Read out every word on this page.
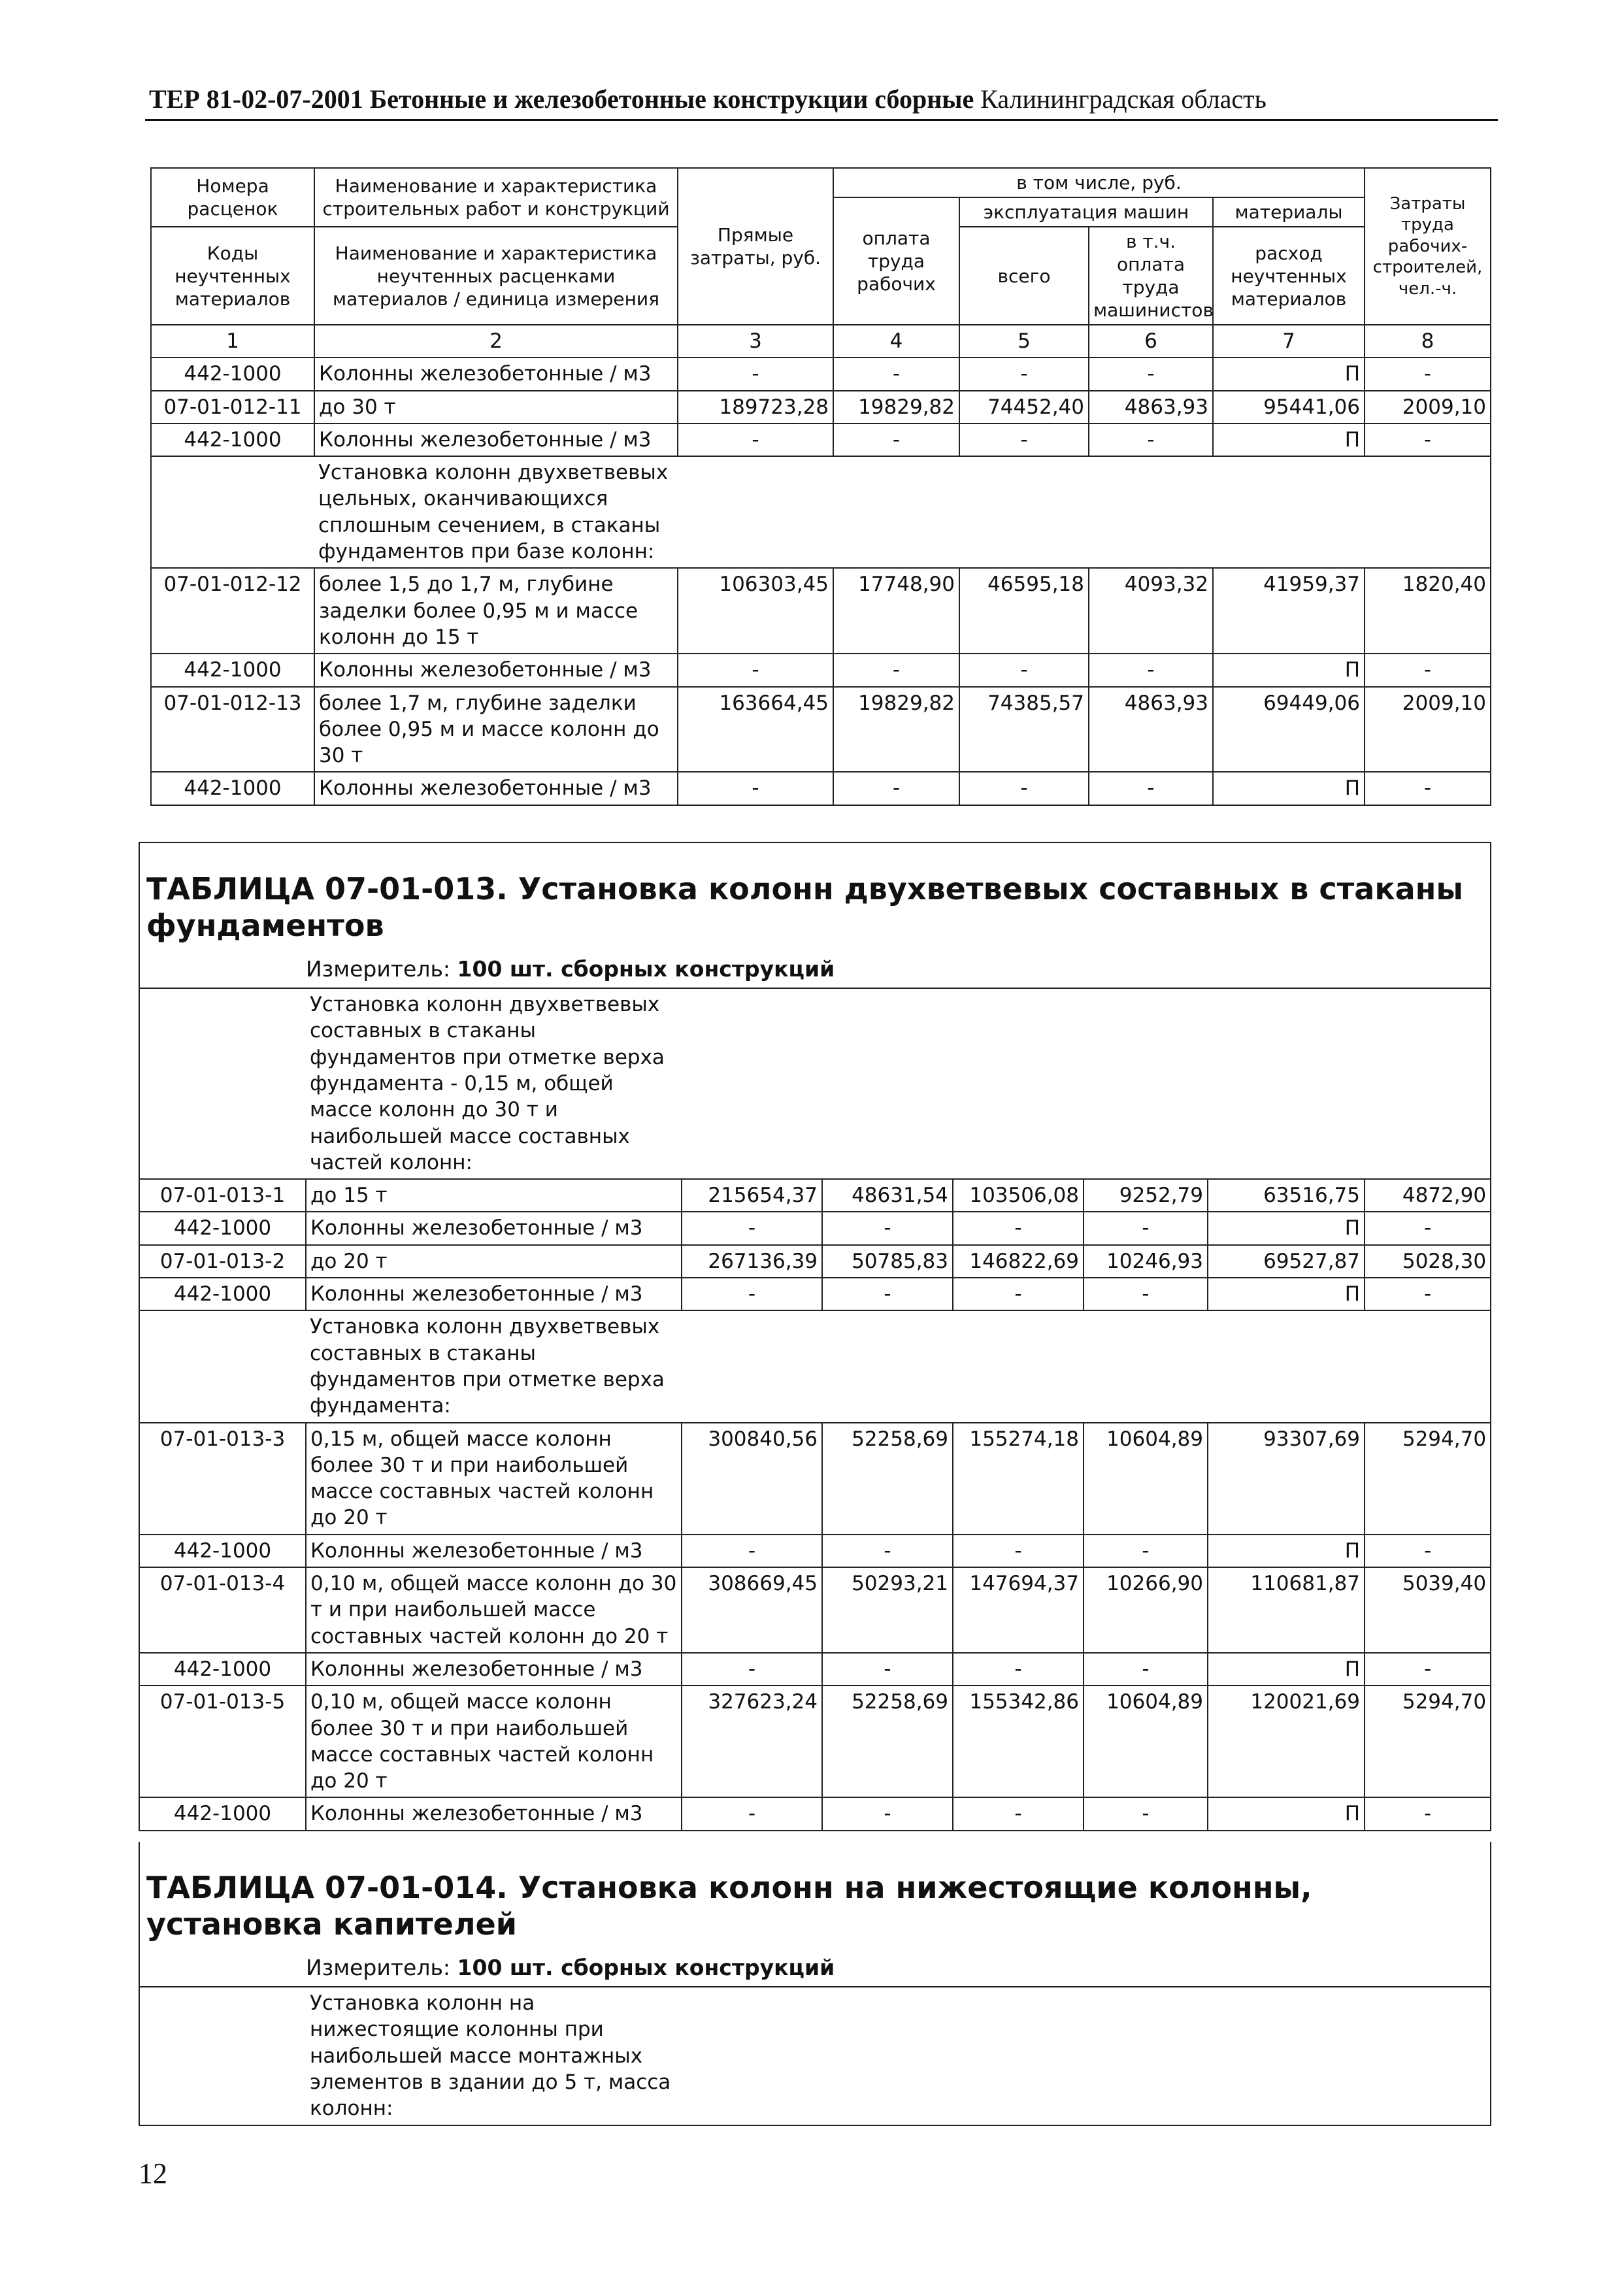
ТЕР 81-02-07-2001 Бетонные и железобетонные конструкции сборные Калининградская область
Номера расценок	Наименование и характеристика строительных работ и конструкций	Прямые затраты, руб.	в том числе, руб.				Затраты труда рабочих-строителей, чел.-ч.
			оплата труда рабочих	эксплуатация машин		материалы	
Коды неучтенных материалов	Наименование и характеристика неучтенных расценками материалов / единица измерения			всего	в т.ч. оплата труда машинистов	расход неучтенных материалов	

1	2	3	4	5	6	7	8
442-1000	Колонны железобетонные / м3	-	-	-	-	П	-
07-01-012-11	до 30 т	189723,28	19829,82	74452,40	4863,93	95441,06	2009,10
442-1000	Колонны железобетонные / м3	-	-	-	-	П	-

	Установка колонн двухветвевых цельных, оканчивающихся сплошным сечением, в стаканы фундаментов при базе колонн:						

07-01-012-12	более 1,5 до 1,7 м, глубине заделки более 0,95 м и массе колонн до 15 т	106303,45	17748,90	46595,18	4093,32	41959,37	1820,40
442-1000	Колонны железобетонные / м3	-	-	-	-	П	-
07-01-012-13	более 1,7 м, глубине заделки более 0,95 м и массе колонн до 30 т	163664,45	19829,82	74385,57	4863,93	69449,06	2009,10
442-1000	Колонны железобетонные / м3	-	-	-	-	П	-
ТАБЛИЦА 07-01-013. Установка колонн двухветвевых составных в стаканы фундаментов							
	Измеритель: 100 шт. сборных конструкций						

	Установка колонн двухветвевых составных в стаканы фундаментов при отметке верха фундамента - 0,15 м, общей массе колонн до 30 т и наибольшей массе составных частей колонн:						

07-01-013-1	до 15 т	215654,37	48631,54	103506,08	9252,79	63516,75	4872,90
442-1000	Колонны железобетонные / м3	-	-	-	-	П	-
07-01-013-2	до 20 т	267136,39	50785,83	146822,69	10246,93	69527,87	5028,30
442-1000	Колонны железобетонные / м3	-	-	-	-	П	-

	Установка колонн двухветвевых составных в стаканы фундаментов при отметке верха фундамента:						

07-01-013-3	0,15 м, общей массе колонн более 30 т и при наибольшей массе составных частей колонн до 20 т	300840,56	52258,69	155274,18	10604,89	93307,69	5294,70
442-1000	Колонны железобетонные / м3	-	-	-	-	П	-
07-01-013-4	0,10 м, общей массе колонн до 30 т и при наибольшей массе составных частей колонн до 20 т	308669,45	50293,21	147694,37	10266,90	110681,87	5039,40
442-1000	Колонны железобетонные / м3	-	-	-	-	П	-
07-01-013-5	0,10 м, общей массе колонн более 30 т и при наибольшей массе составных частей колонн до 20 т	327623,24	52258,69	155342,86	10604,89	120021,69	5294,70
442-1000	Колонны железобетонные / м3	-	-	-	-	П	-
ТАБЛИЦА 07-01-014. Установка колонн на нижестоящие колонны, установка капителей	
	Измеритель: 100 шт. сборных конструкций

	Установка колонн на нижестоящие колонны при наибольшей массе монтажных элементов в здании до 5 т, масса колонн:
12
